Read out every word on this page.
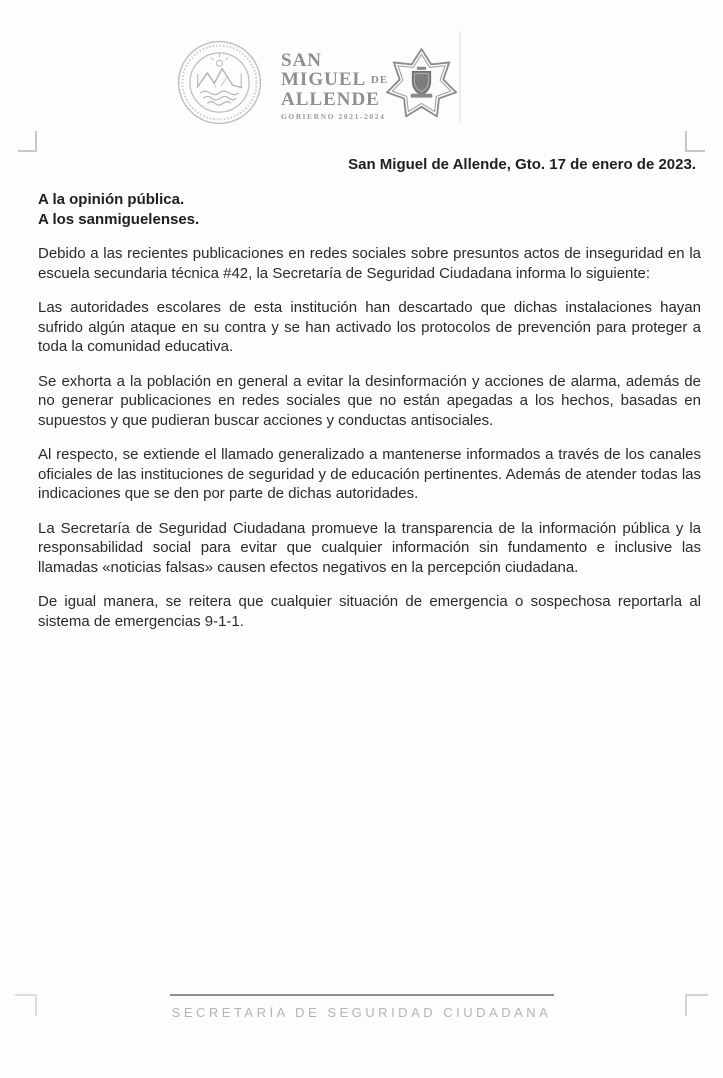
SAN
MIGUEL DE
ALLENDE
GOBIERNO 2021-2024
San Miguel de Allende, Gto. 17 de enero de 2023.
A la opinión pública.
A los sanmiguelenses.

Debido a las recientes publicaciones en redes sociales sobre presuntos actos de inseguridad en la escuela secundaria técnica #42, la Secretaría de Seguridad Ciudadana informa lo siguiente:

Las autoridades escolares de esta institución han descartado que dichas instalaciones hayan sufrido algún ataque en su contra y se han activado los protocolos de prevención para proteger a toda la comunidad educativa.

Se exhorta a la población en general a evitar la desinformación y acciones de alarma, además de no generar publicaciones en redes sociales que no están apegadas a los hechos, basadas en supuestos y que pudieran buscar acciones y conductas antisociales.

Al respecto, se extiende el llamado generalizado a mantenerse informados a través de los canales oficiales de las instituciones de seguridad y de educación pertinentes. Además de atender todas las indicaciones que se den por parte de dichas autoridades.

La Secretaría de Seguridad Ciudadana promueve la transparencia de la información pública y la responsabilidad social para evitar que cualquier información sin fundamento e inclusive las llamadas «noticias falsas» causen efectos negativos en la percepción ciudadana.

De igual manera, se reitera que cualquier situación de emergencia o sospechosa reportarla al sistema de emergencias 9-1-1.

SECRETARÍA DE SEGURIDAD CIUDADANA
